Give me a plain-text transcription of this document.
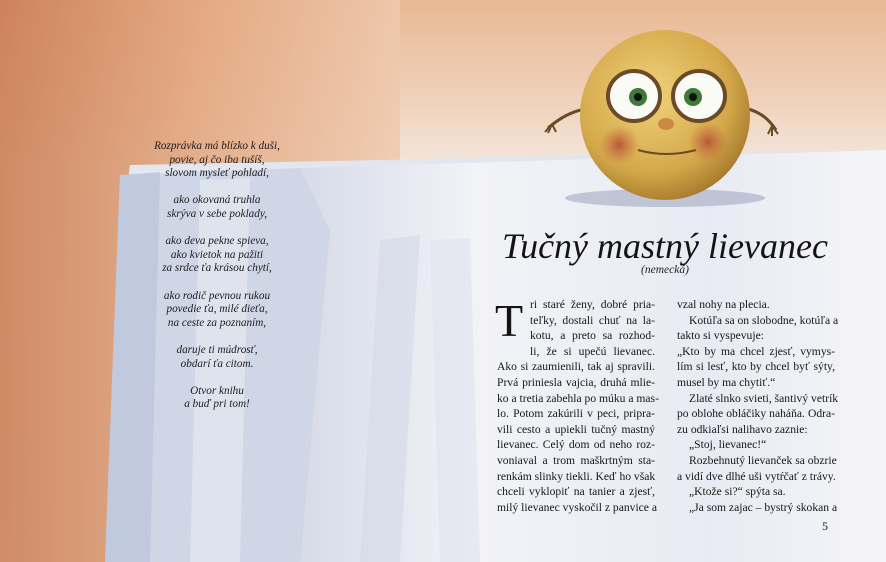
Rozprávka má blízko k duši,
povie, aj čo iba tušíš,
slovom mysleť pohladí,
ako okovaná truhla
skrýva v sebe poklady,
ako deva pekne spieva,
ako kvietok na pažiti
za srdce ťa krásou chytí,
ako rodič pevnou rukou
povedie ťa, milé dieťa,
na ceste za poznaním,
daruje ti múdrosť,
obdarí ťa citom.
Otvor knihu
a buď pri tom!
Tučný mastný lievanec
(nemecká)
T ri staré ženy, dobré pria-
teľky, dostali chuť na la-
kotu, a preto sa rozhod-
li, že si upečú lievanec.
Ako si zaumienili, tak aj spravili.
Prvá priniesla vajcia, druhá mlie-
ko a tretia zabehla po múku a mas-
lo. Potom zakúrili v peci, pripra-
vili cesto a upiekli tučný mastný
lievanec. Celý dom od neho roz-
voniaval a trom maškrtným sta-
renkám slinky tiekli. Keď ho však
chceli vyklopiť na tanier a zjesť,
milý lievanec vyskočil z panvice a
vzal nohy na plecia.
Kotúľa sa on slobodne, kotúľa a
takto si vyspevuje:
„Kto by ma chcel zjesť, vymys-
lím si lesť, kto by chcel byť sýty,
musel by ma chytiť.“
Zlaté slnko svieti, šantivý vetrík
po oblohe obláčiky naháňa. Odra-
zu odkiaľsi nalihavo zaznie:
„Stoj, lievanec!“
Rozbehnutý lievanček sa obzrie
a vidí dve dlhé uši vytŕčať z trávy.
„Ktože si?“ spýta sa.
„Ja som zajac – bystrý skokan a
5
